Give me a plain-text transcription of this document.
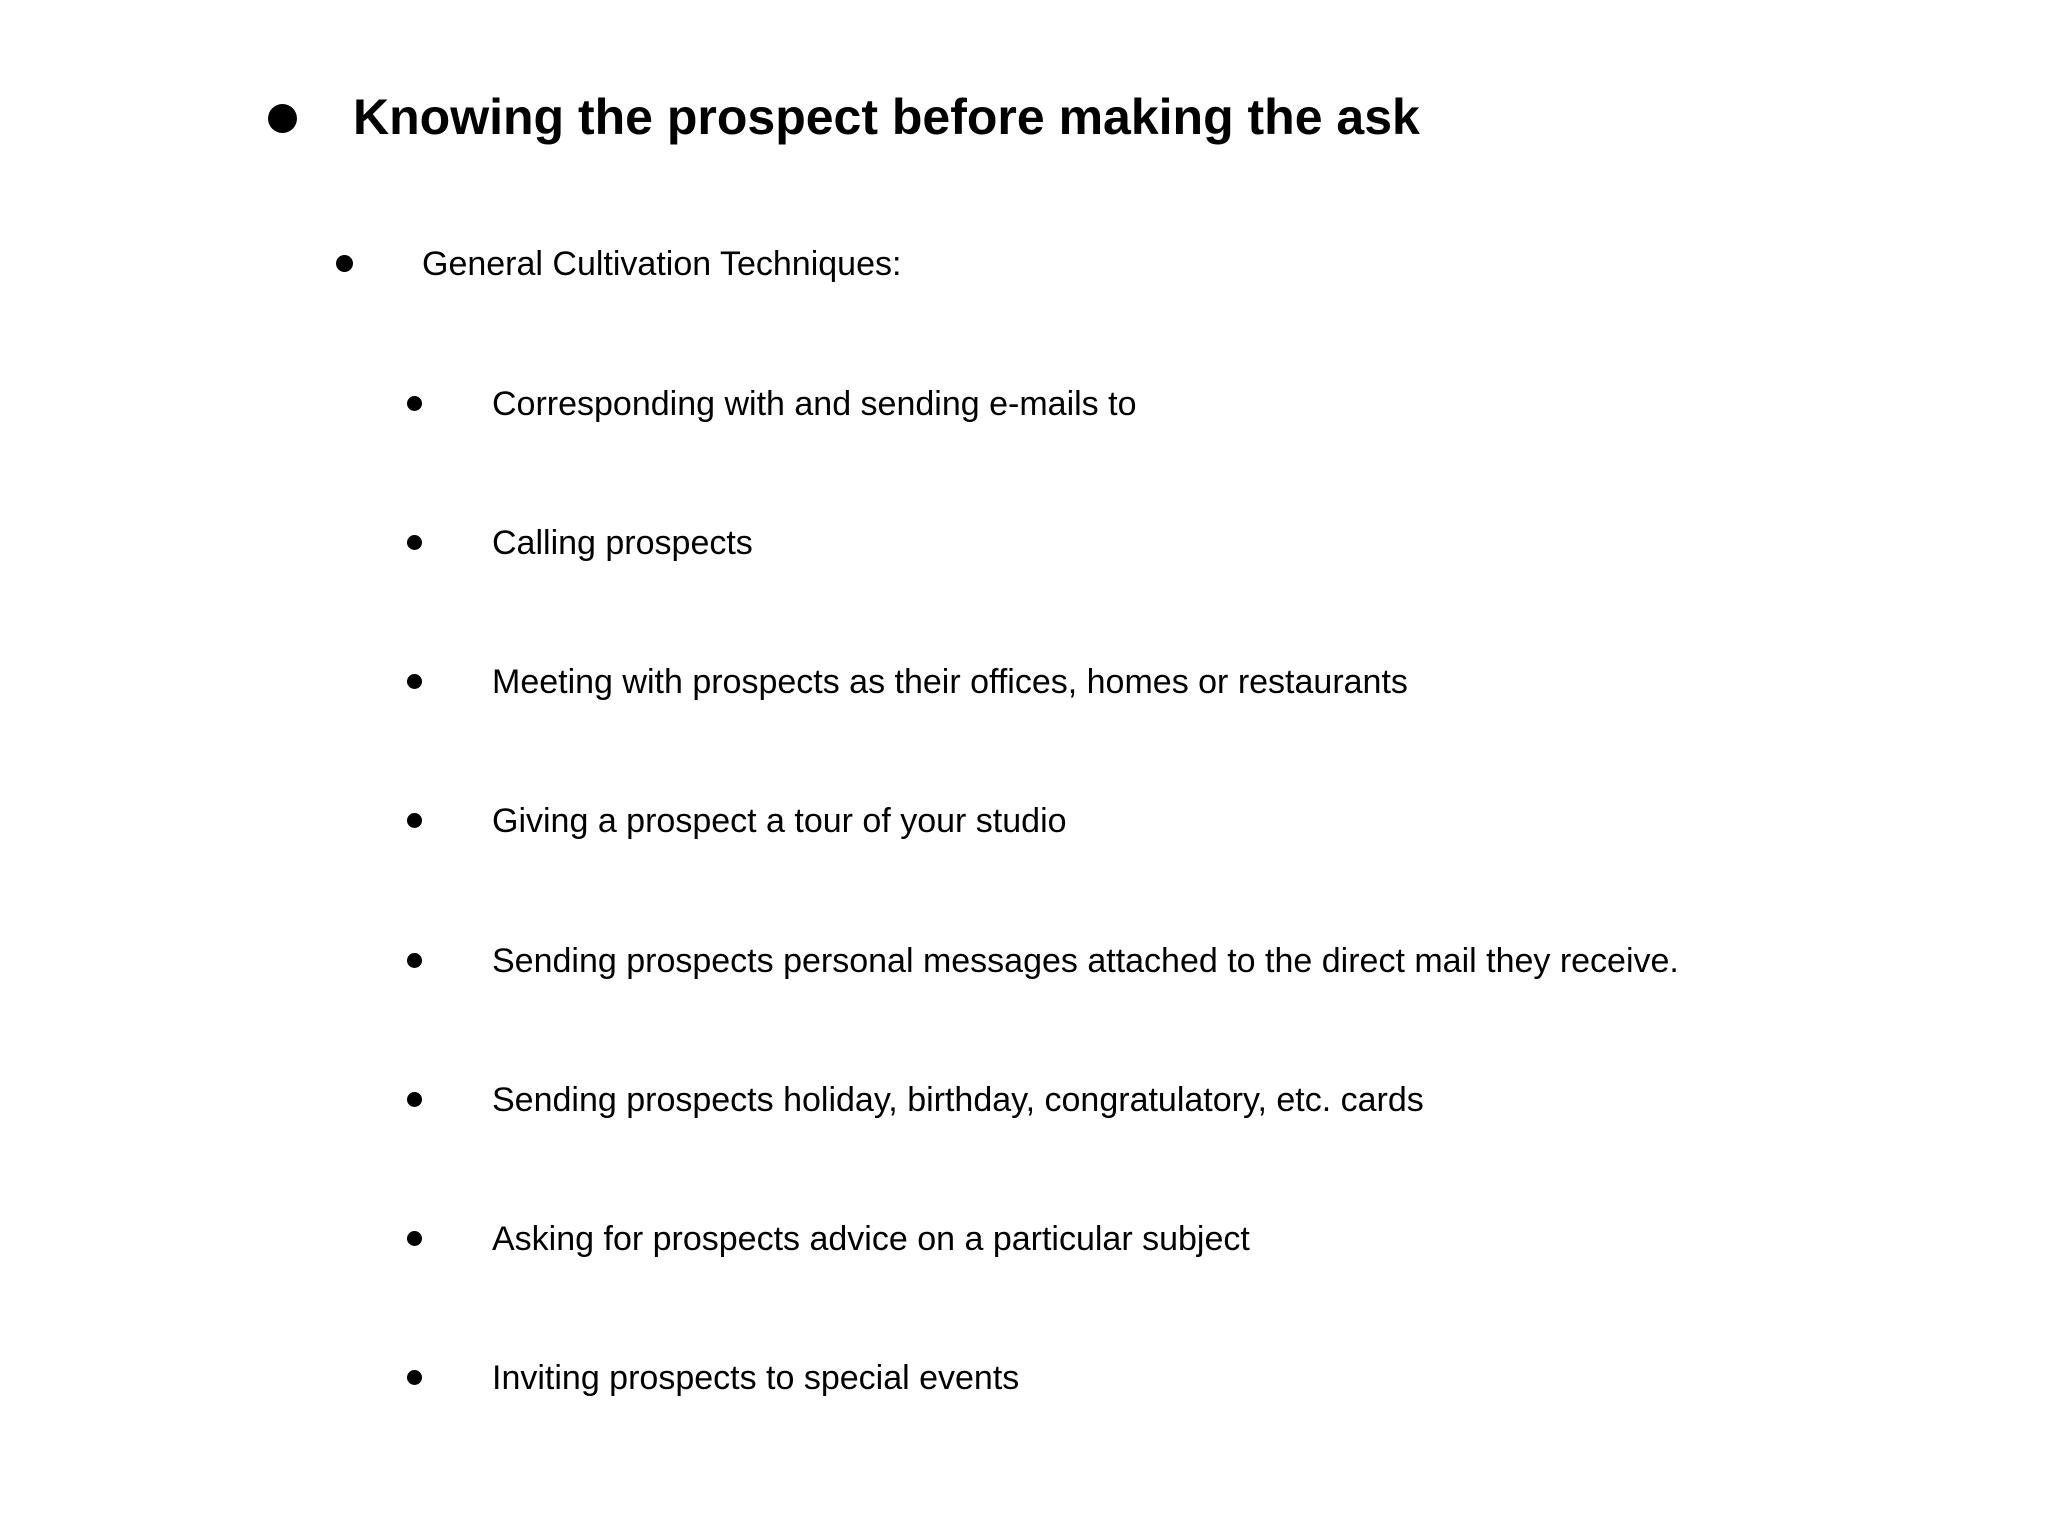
Knowing the prospect before making the ask
General Cultivation Techniques:
Corresponding with and sending e-mails to
Calling prospects
Meeting with prospects as their offices, homes or restaurants
Giving a prospect a tour of your studio
Sending prospects personal messages attached to the direct mail they receive.
Sending prospects holiday, birthday, congratulatory, etc. cards
Asking for prospects advice on a particular subject
Inviting prospects to special events
